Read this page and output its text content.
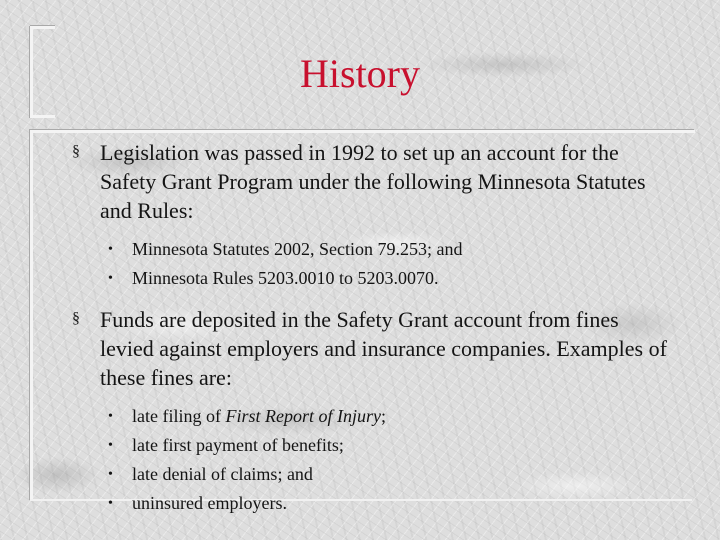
History

§ Legislation was passed in 1992 to set up an account for the Safety Grant Program under the following Minnesota Statutes and Rules:

• Minnesota Statutes 2002, Section 79.253; and
• Minnesota Rules 5203.0010 to 5203.0070.

§ Funds are deposited in the Safety Grant account from fines levied against employers and insurance companies. Examples of these fines are:

• late filing of First Report of Injury;
• late first payment of benefits;
• late denial of claims; and
• uninsured employers.
